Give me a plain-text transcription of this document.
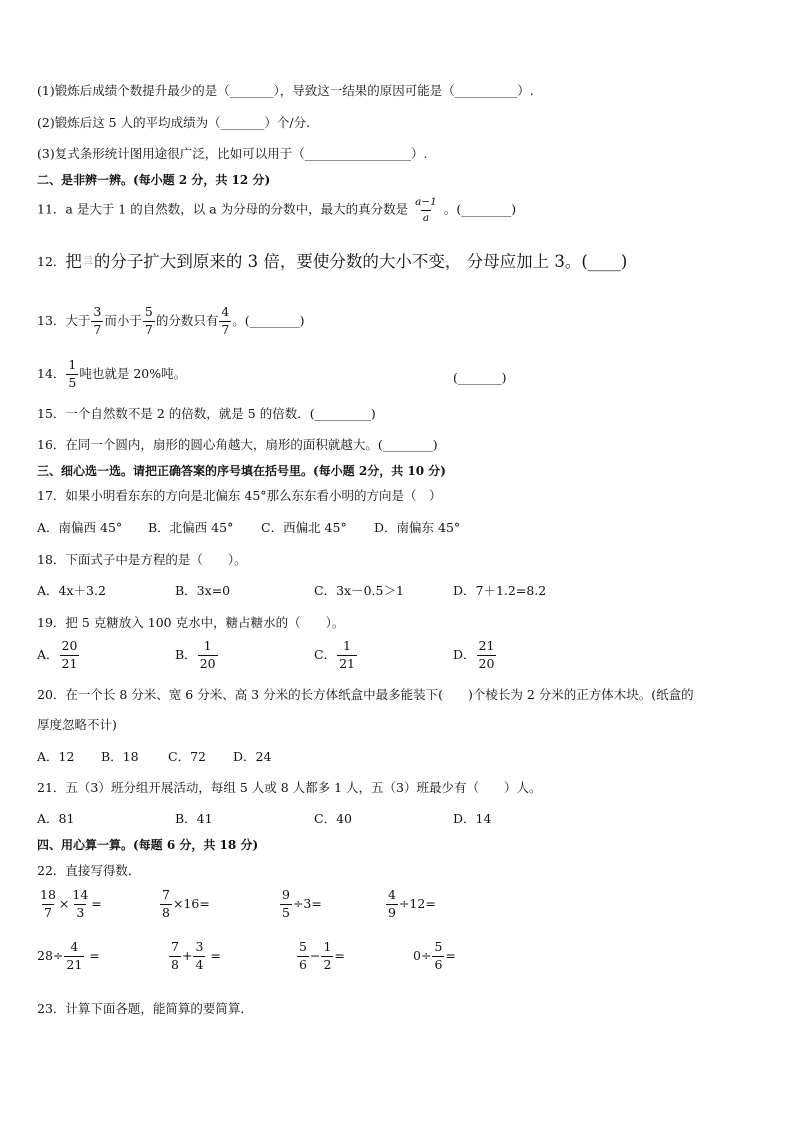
(1)锻炼后成绩个数提升最少的是（_______），导致这一结果的原因可能是（__________）.
(2)锻炼后这 5 人的平均成绩为（_______）个/分.
(3)复式条形统计图用途很广泛，比如可以用于（_________________）.
二、是非辨一辨。(每小题 2 分，共 12 分)
11．a 是大于 1 的自然数，以 a 为分母的分数中，最大的真分数是 $\frac{a-1}{a}$ 。(________)
12． 把 亖 的分子扩大到原来的 3 倍，要使分数的大小不变， 分母应加上 3。(____)
13．大于 $\frac{3}{7}$ 而小于 $\frac{5}{7}$ 的分数只有 $\frac{4}{7}$ 。(________)
14． $\frac{1}{5}$ 吨也就是 20%吨。	(_______)
15．一个自然数不是 2 的倍数，就是 5 的倍数．(_________)
16．在同一个圆内，扇形的圆心角越大，扇形的面积就越大。(________)
三、细心选一选。请把正确答案的序号填在括号里。(每小题 2分，共 10 分)
17．如果小明看东东的方向是北偏东 45°那么东东看小明的方向是（　）
A．南偏西 45° B．北偏西 45° C．西偏北 45° D．南偏东 45°
18．下面式子中是方程的是（　　）。
A．4x＋3.2	B．3x=0	C．3x－0.5＞1	D．7＋1.2=8.2
19．把 5 克糖放入 100 克水中，糖占糖水的（　　）。
A． $\frac{20}{21}$	B． $\frac{1}{20}$	C． $\frac{1}{21}$	D． $\frac{21}{20}$
20．在一个长 8 分米、宽 6 分米、高 3 分米的长方体纸盒中最多能装下(　　)个棱长为 2 分米的正方体木块。(纸盒的
厚度忽略不计)
A．12 B．18 C．72 D．24
21．五（3）班分组开展活动，每组 5 人或 8 人都多 1 人，五（3）班最少有（　　）人。
A．81	B．41	C．40	D．14
四、用心算一算。(每题 6 分，共 18 分)
22．直接写得数．
$\frac{18}{7} \times \frac{14}{3}$ =	$\frac{7}{8} \times 16=$	$\frac{9}{5} \div 3=$	$\frac{4}{9} \div 12=$
$28\div \frac{4}{21}$ =	$\frac{7}{8} + \frac{3}{4}$ =	$\frac{5}{6} - \frac{1}{2}$ =	$0\div \frac{5}{6}$ =
23．计算下面各题，能简算的要简算．
